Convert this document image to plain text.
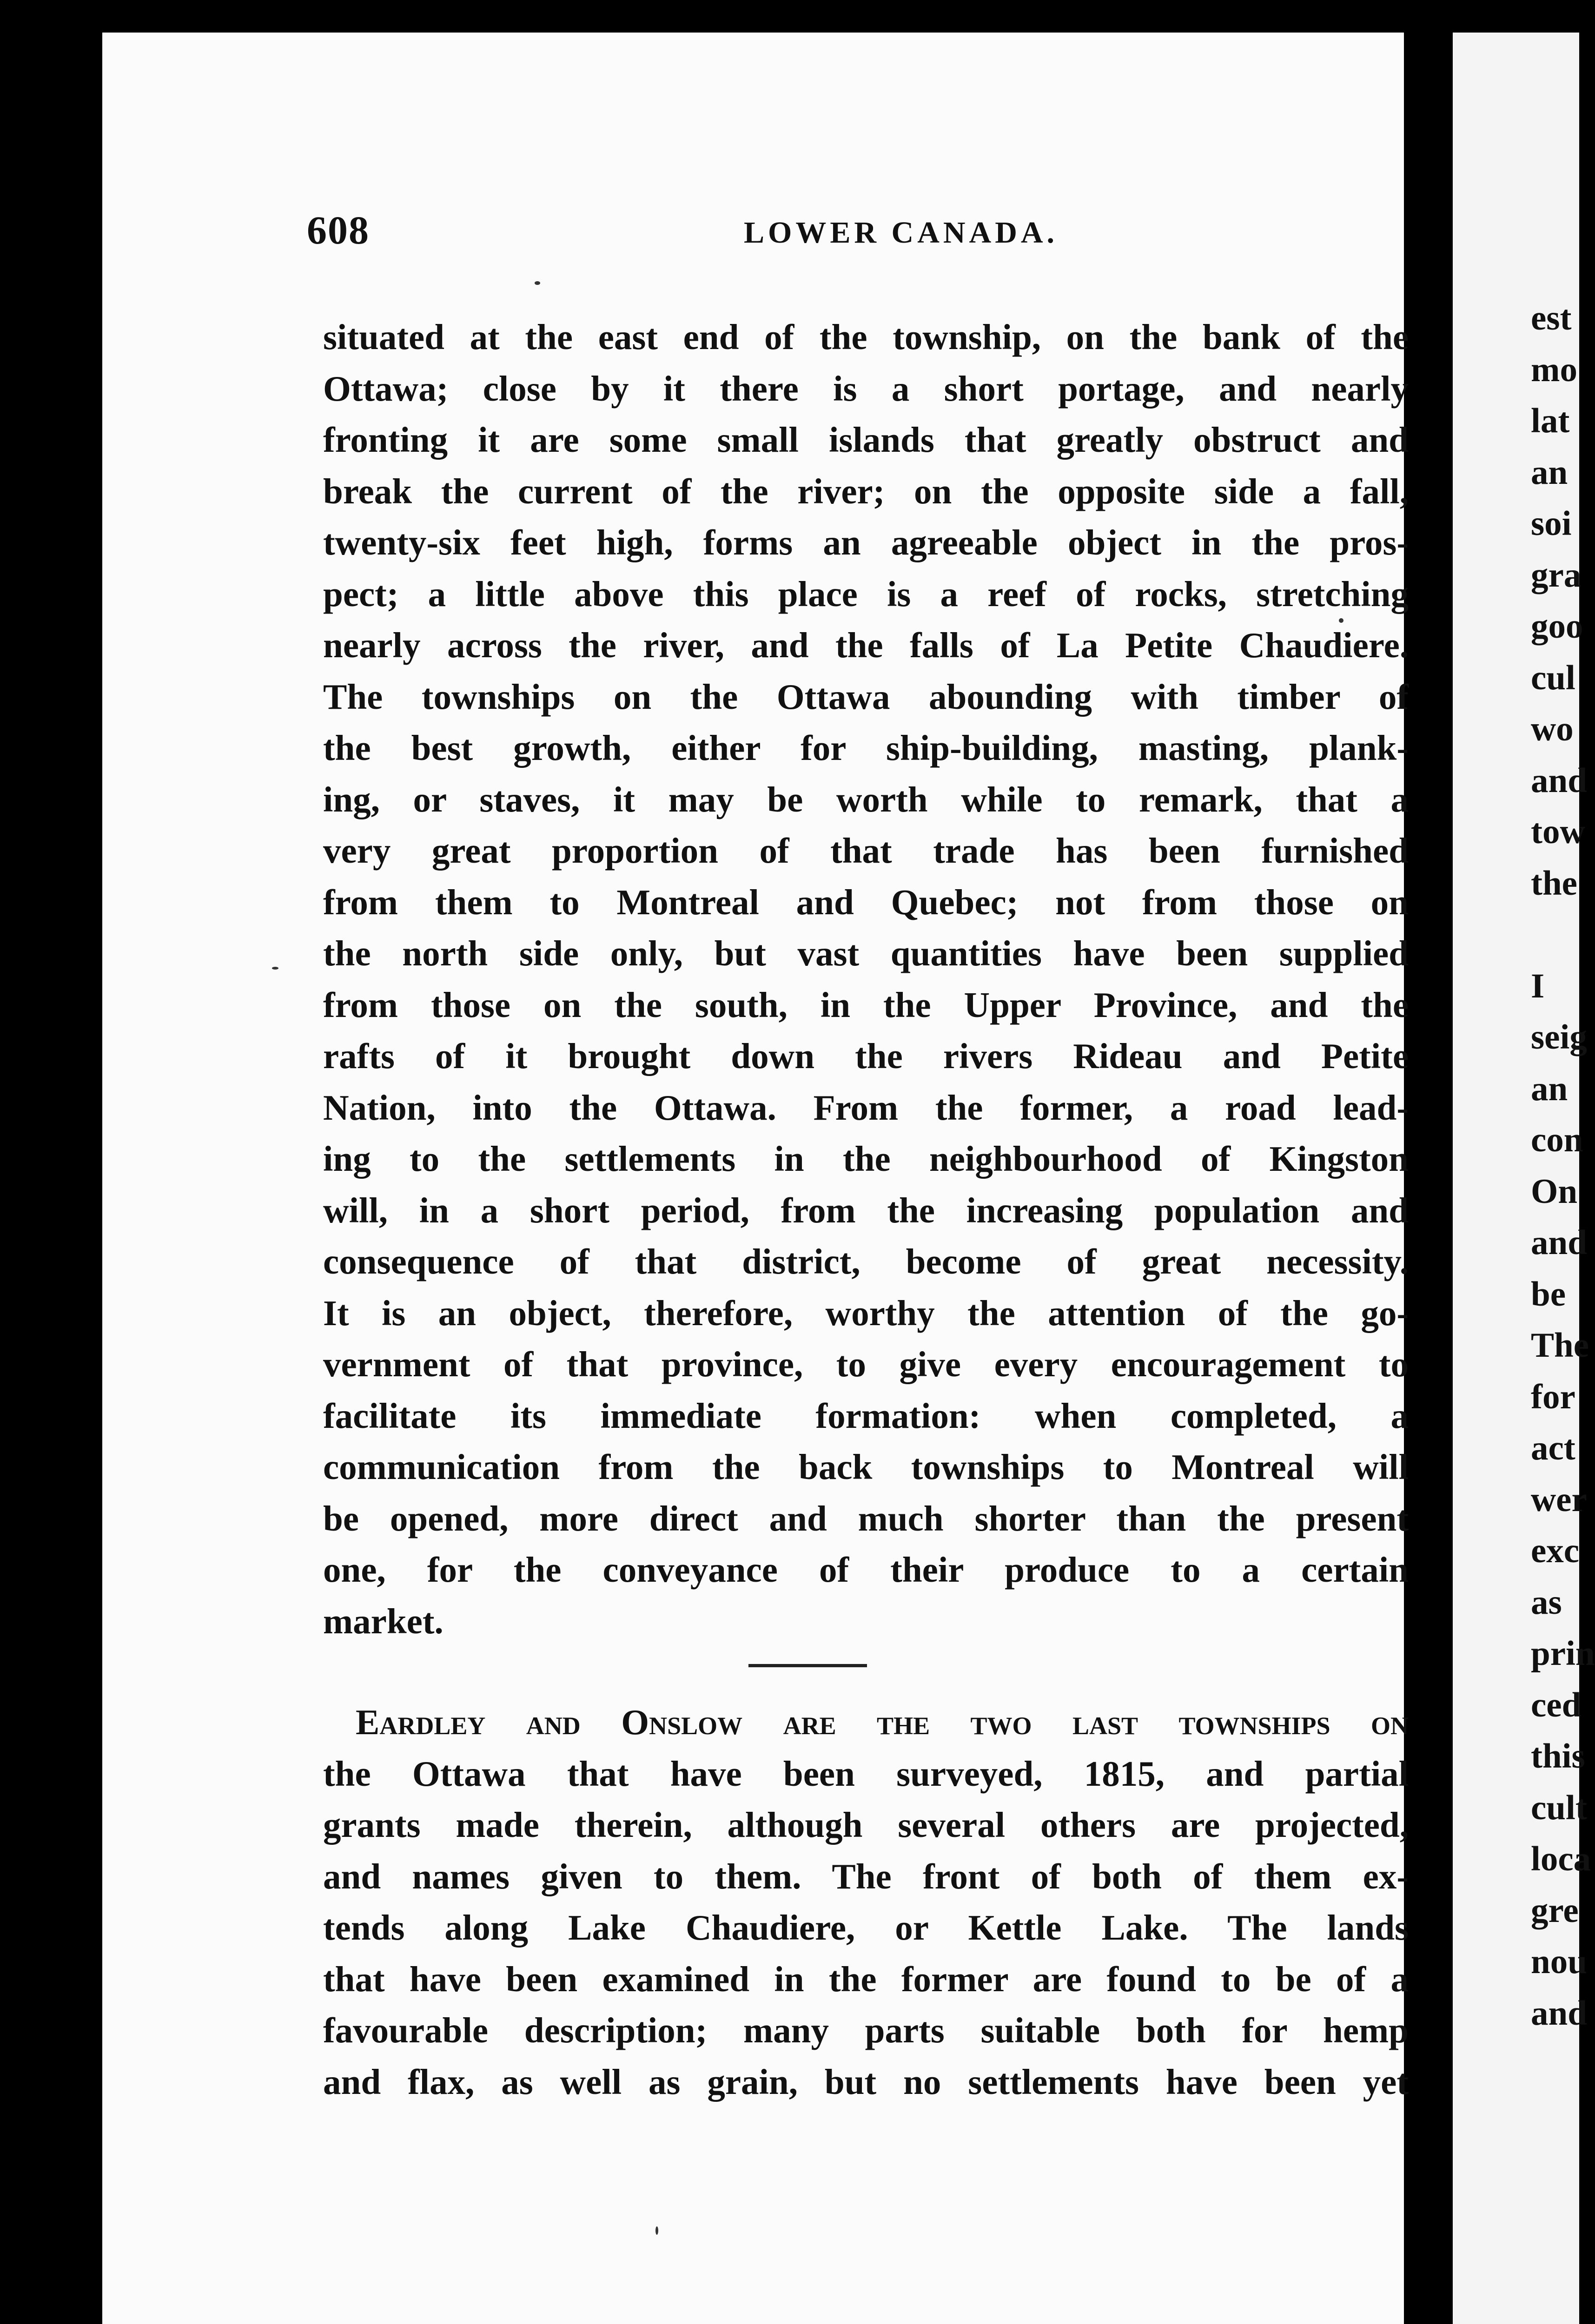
608	LOWER CANADA.
situated at the east end of the township, on the bank of the
Ottawa; close by it there is a short portage, and nearly
fronting it are some small islands that greatly obstruct and
break the current of the river; on the opposite side a fall,
twenty-six feet high, forms an agreeable object in the pros-
pect; a little above this place is a reef of rocks, stretching
nearly across the river, and the falls of La Petite Chaudiere.
The townships on the Ottawa abounding with timber of
the best growth, either for ship-building, masting, plank-
ing, or staves, it may be worth while to remark, that a
very great proportion of that trade has been furnished
from them to Montreal and Quebec; not from those on
the north side only, but vast quantities have been supplied
from those on the south, in the Upper Province, and the
rafts of it brought down the rivers Rideau and Petite
Nation, into the Ottawa. From the former, a road lead-
ing to the settlements in the neighbourhood of Kingston
will, in a short period, from the increasing population and
consequence of that district, become of great necessity.
It is an object, therefore, worthy the attention of the go-
vernment of that province, to give every encouragement to
facilitate its immediate formation: when completed, a
communication from the back townships to Montreal will
be opened, more direct and much shorter than the present
one, for the conveyance of their produce to a certain
market.
Eardley and Onslow are the two last townships on
the Ottawa that have been surveyed, 1815, and partial
grants made therein, although several others are projected,
and names given to them. The front of both of them ex-
tends along Lake Chaudiere, or Kettle Lake. The lands
that have been examined in the former are found to be of a
favourable description; many parts suitable both for hemp
and flax, as well as grain, but no settlements have been yet
est
mo
lat
an
soi
gra
goo
cul
wo
and
tow
the
I
seig
an
con
On
and
be
The
for
act
wer
exc
as
prin
ced
this
cult
loca
gre
nou
and
